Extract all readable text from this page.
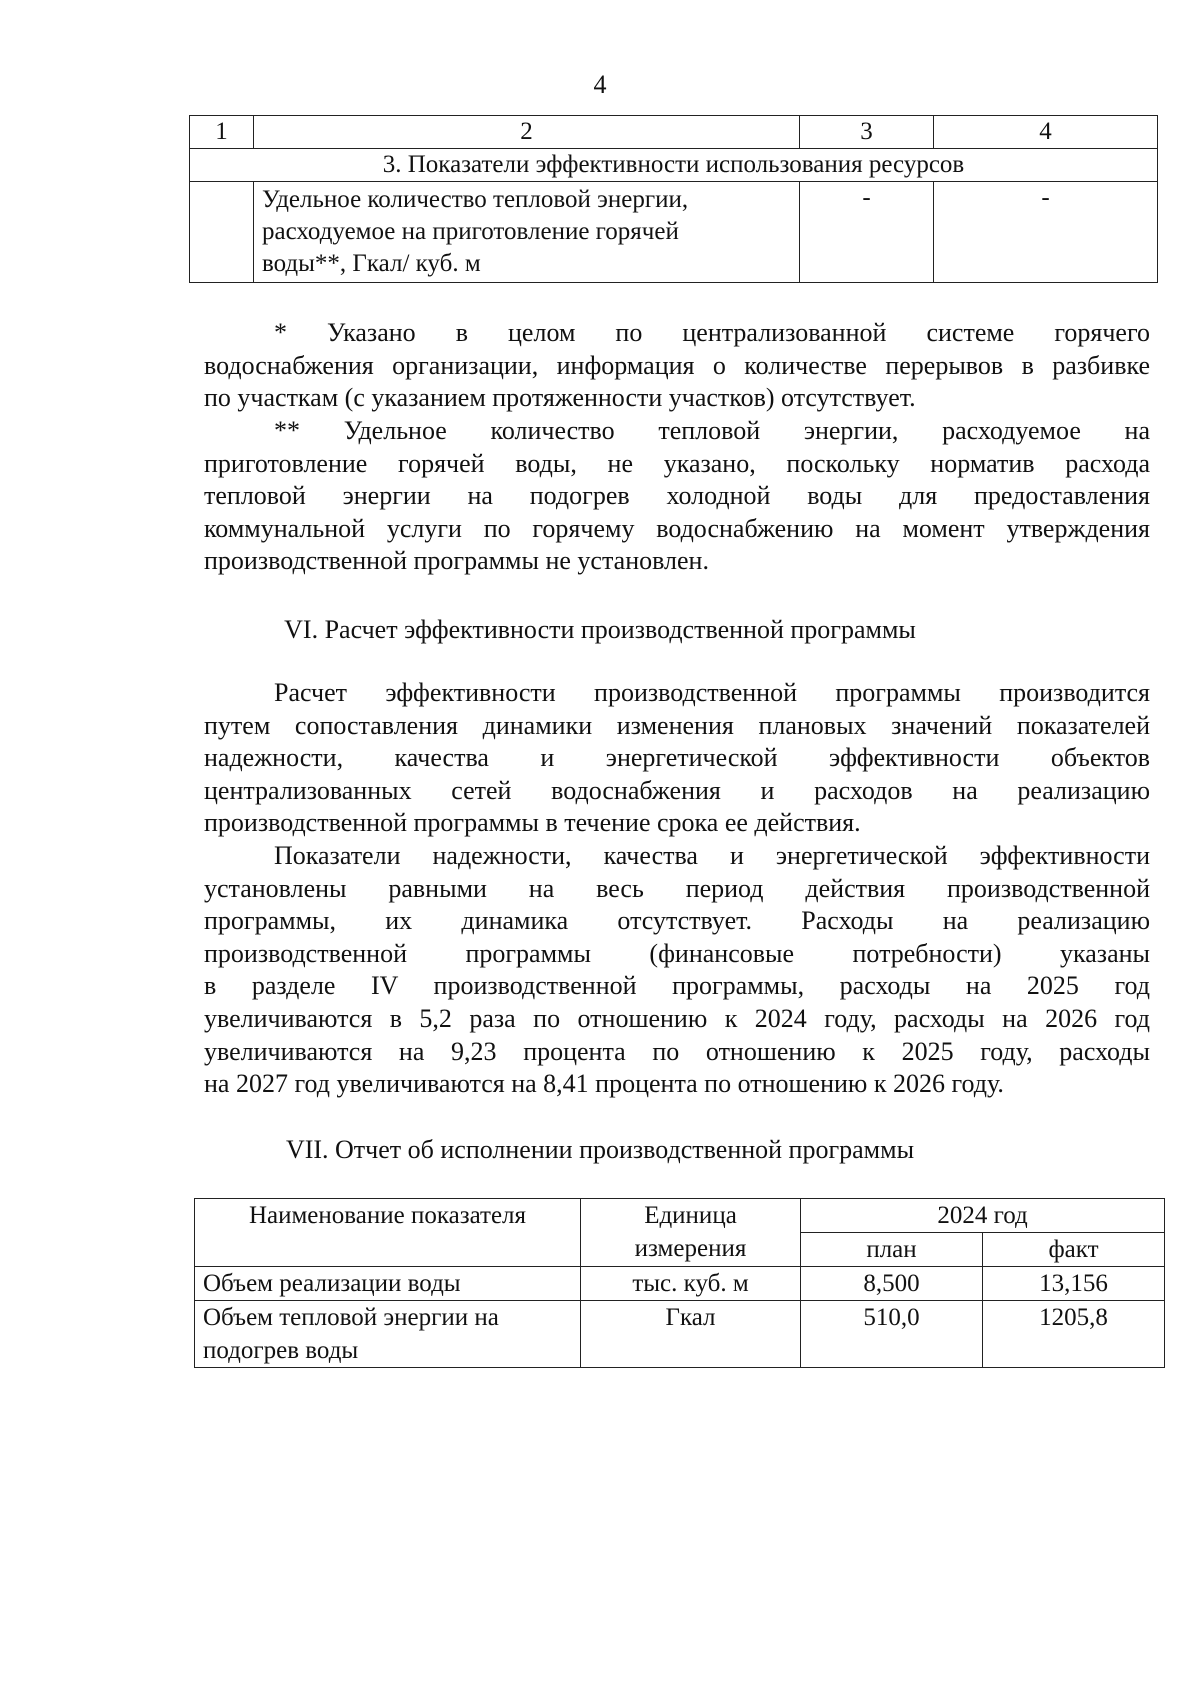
4
1	2	3	4
3. Показатели эффективности использования ресурсов			

	Удельное количество тепловой энергии,
расходуемое на приготовление горячей
воды**, Гкал/ куб. м	-	-
* Указано в целом по централизованной системе горячего
водоснабжения организации, информация о количестве перерывов в разбивке
по участкам (с указанием протяженности участков) отсутствует.
** Удельное количество тепловой энергии, расходуемое на
приготовление горячей воды, не указано, поскольку норматив расхода
тепловой энергии на подогрев холодной воды для предоставления
коммунальной услуги по горячему водоснабжению на момент утверждения
производственной программы не установлен.
VI. Расчет эффективности производственной программы
Расчет эффективности производственной программы производится
путем сопоставления динамики изменения плановых значений показателей
надежности, качества и энергетической эффективности объектов
централизованных сетей водоснабжения и расходов на реализацию
производственной программы в течение срока ее действия.
Показатели надежности, качества и энергетической эффективности
установлены равными на весь период действия производственной
программы, их динамика отсутствует. Расходы на реализацию
производственной программы (финансовые потребности) указаны
в разделе IV производственной программы, расходы на 2025 год
увеличиваются в 5,2 раза по отношению к 2024 году, расходы на 2026 год
увеличиваются на 9,23 процента по отношению к 2025 году, расходы
на 2027 год увеличиваются на 8,41 процента по отношению к 2026 году.
VII. Отчет об исполнении производственной программы
Наименование показателя	Единица
измерения	2024 год	
		план	факт
Объем реализации воды	тыс. куб. м	8,500	13,156

Объем тепловой энергии на
подогрев воды	Гкал	510,0	1205,8
